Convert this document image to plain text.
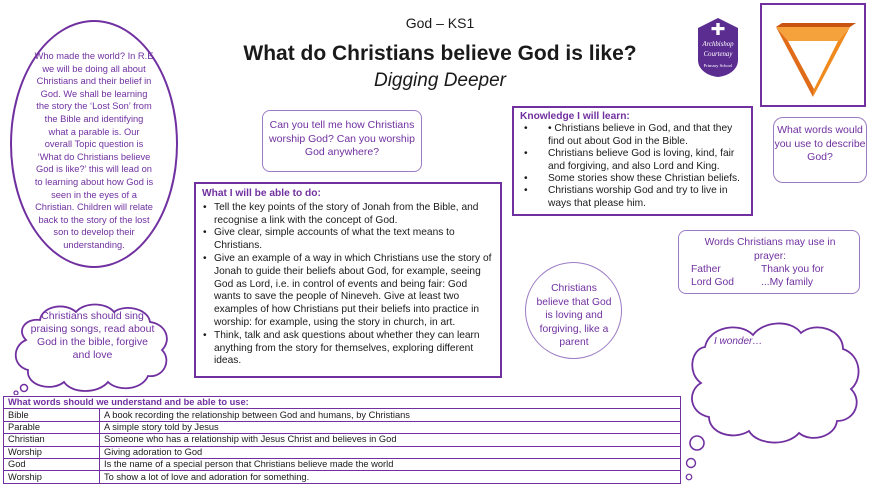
God – KS1
What do Christians believe God is like?
Digging Deeper
Who made the world? In R.E we will be doing all about Christians and their belief in God. We shall be learning the story the ‘Lost Son’ from the Bible and identifying what a parable is. Our overall Topic question is ‘What do Christians believe God is like?’ this will lead on to learning about how God is seen in the eyes of a Christian. Children will relate back to the story of the lost son to develop their understanding.
Christians should sing praising songs, read about God in the bible, forgive and love
Can you tell me how Christians worship God? Can you worship God anywhere?
What I will be able to do:
• Tell the key points of the story of Jonah from the Bible, and recognise a link with the concept of God.
• Give clear, simple accounts of what the text means to Christians.
• Give an example of a way in which Christians use the story of Jonah to guide their beliefs about God, for example, seeing God as Lord, i.e. in control of events and being fair: God wants to save the people of Nineveh. Give at least two examples of how Christians put their beliefs into practice in worship: for example, using the story in church, in art.
• Think, talk and ask questions about whether they can learn anything from the story for themselves, exploring different ideas.
Knowledge I will learn:
• • Christians believe in God, and that they find out about God in the Bible.
• Christians believe God is loving, kind, fair and forgiving, and also Lord and King.
• Some stories show these Christian beliefs.
• Christians worship God and try to live in ways that please him.
Archbishop
Courtenay
Primary School
What words would you use to describe God?
Words Christians may use in prayer:
Father	Thank you for
Lord God	...My family
Christians believe that God is loving and forgiving, like a parent	I wonder…
What words should we understand and be able to use:	
Bible	A book recording the relationship between God and humans, by Christians
Parable	A simple story told by Jesus
Christian	Someone who has a relationship with Jesus Christ and believes in God
Worship	Giving adoration to God
God	Is the name of a special person that Christians believe made the world
Worship	To show a lot of love and adoration for something.
